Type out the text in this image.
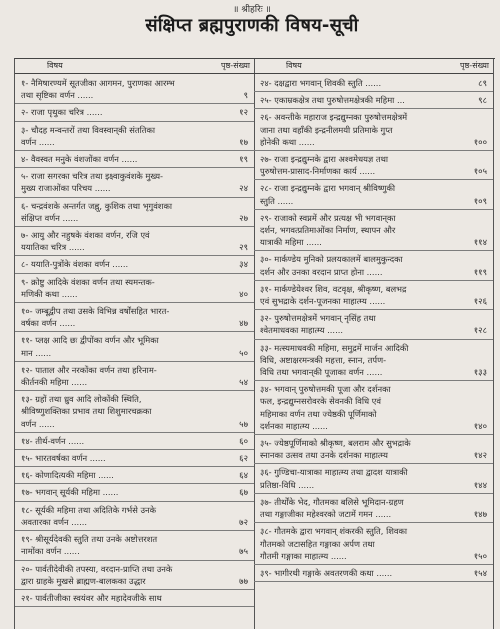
॥ श्रीहरिः ॥
संक्षिप्त ब्रह्मपुराणकी विषय-सूची
विषय	पृष्ठ-संख्या
१- नैमिषारण्यमें सूतजीका आगमन, पुराणका आरम्भ
तथा सृष्टिका वर्णन ......	९
२- राजा पृथुका चरित्र ......	१२
३- चौदह मन्वन्तरों तथा विवस्वान्‌की संततिका
वर्णन ......	१७
४- वैवस्वत मनुके वंशजोंका वर्णन ......	१९
५- राजा सगरका चरित्र तथा इक्ष्वाकुवंशके मुख्य-
मुख्य राजाओंका परिचय ......	२४
६- चन्द्रवंशके अन्तर्गत जह्नु, कुशिक तथा भृगुवंशका
संक्षिप्त वर्णन ......	२७
७- आयु और नहुषके वंशका वर्णन, रजि एवं
ययातिका चरित्र ......	२९
८- ययाति-पुत्रोंके वंशका वर्णन ......	३४
९- क्रोष्टु आदिके वंशका वर्णन तथा स्यमन्तक-
मणिकी कथा ......	४०
१०- जम्बूद्वीप तथा उसके विभिन्न वर्षोंसहित भारत-
वर्षका वर्णन ......	४७
११- प्लक्ष आदि छः द्वीपोंका वर्णन और भूमिका
मान ......	५०
१२- पाताल और नरकोंका वर्णन तथा हरिनाम-
कीर्तनकी महिमा ......	५४
१३- ग्रहों तथा ध्रुव आदि लोकोंकी स्थिति,
श्रीविष्णुशक्तिका प्रभाव तथा शिशुमारचक्रका
वर्णन ......	५७
१४- तीर्थ-वर्णन ......	६०
१५- भारतवर्षका वर्णन ......	६२
१६- कोणादित्यकी महिमा ......	६४
१७- भगवान्‌ सूर्यकी महिमा ......	६७
१८- सूर्यकी महिमा तथा अदितिके गर्भसे उनके
अवतारका वर्णन ......	७२
१९- श्रीसूर्यदेवकी स्तुति तथा उनके अष्टोत्तरशत
नामोंका वर्णन ......	७५
२०- पार्वतीदेवीकी तपस्या, वरदान-प्राप्ति तथा उनके
द्वारा ग्राहके मुखसे ब्राह्मण-बालकका उद्धार	७७
२१- पार्वतीजीका स्वयंवर और महादेवजीके साथ
विषय	पृष्ठ-संख्या
२४- दक्षद्वारा भगवान्‌ शिवकी स्तुति ......	८९
२५- एकाम्रकक्षेत्र तथा पुरुषोत्तमक्षेत्रकी महिमा ...	९८
२६- अवन्तीके महाराज इन्द्रद्युम्नका पुरुषोत्तमक्षेत्रमें
जाना तथा वहाँकी इन्द्रनीलमयी प्रतिमाके गुप्त
होनेकी कथा ......	१००
२७- राजा इन्द्रद्युम्नके द्वारा अश्वमेधयज्ञ तथा
पुरुषोत्तम-प्रासाद-निर्माणका कार्य ......	१०५
२८- राजा इन्द्रद्युम्नके द्वारा भगवान्‌ श्रीविष्णुकी
स्तुति ......	१०९
२९- राजाको स्वप्नमें और प्रत्यक्ष भी भगवान्‌का
दर्शन, भगवत्प्रतिमाओंका निर्माण, स्थापन और
यात्राकी महिमा ......	११४
३०- मार्कण्डेय मुनिको प्रलयकालमें बालमुकुन्दका
दर्शन और उनका वरदान प्राप्त होना ......	११९
३१- मार्कण्डेयेश्वर शिव, वटवृक्ष, श्रीकृष्ण, बलभद्र
एवं सुभद्राके दर्शन-पूजनका माहात्म्य ......	१२६
३२- पुरुषोत्तमक्षेत्रमें भगवान्‌ नृसिंह तथा
श्वेतमाधवका माहात्म्य ......	१२८
३३- मत्स्यमाधवकी महिमा, समुद्रमें मार्जन आदिकी
विधि, अष्टाक्षरमन्त्रकी महत्ता, स्नान, तर्पण-
विधि तथा भगवान्‌की पूजाका वर्णन ......	१३३
३४- भगवान्‌ पुरुषोत्तमकी पूजा और दर्शनका
फल, इन्द्रद्युम्नसरोवरके सेवनकी विधि एवं
महिमाका वर्णन तथा ज्येष्ठकी पूर्णिमाको
दर्शनका माहात्म्य ......	१४०
३५- ज्येष्ठपूर्णिमाको श्रीकृष्ण, बलराम और सुभद्राके
स्नानका उत्सव तथा उनके दर्शनका माहात्म्य	१४२
३६- गुण्डिचा-यात्राका माहात्म्य तथा द्वादश यात्राकी
प्रतिष्ठा-विधि ......	१४४
३७- तीर्थोंके भेद, गौतमका बलिसे भूमिदान-ग्रहण
तथा गङ्गाजीका महेश्वरको जटामें गमन ......	१४७
३८- गौतमके द्वारा भगवान्‌ शंकरकी स्तुति, शिवका
गौतमको जटासहित गङ्गाका अर्पण तथा
गौतमी गङ्गाका माहात्म्य ......	१५०
३९- भागीरथी गङ्गाके अवतरणकी कथा ......	१५४
